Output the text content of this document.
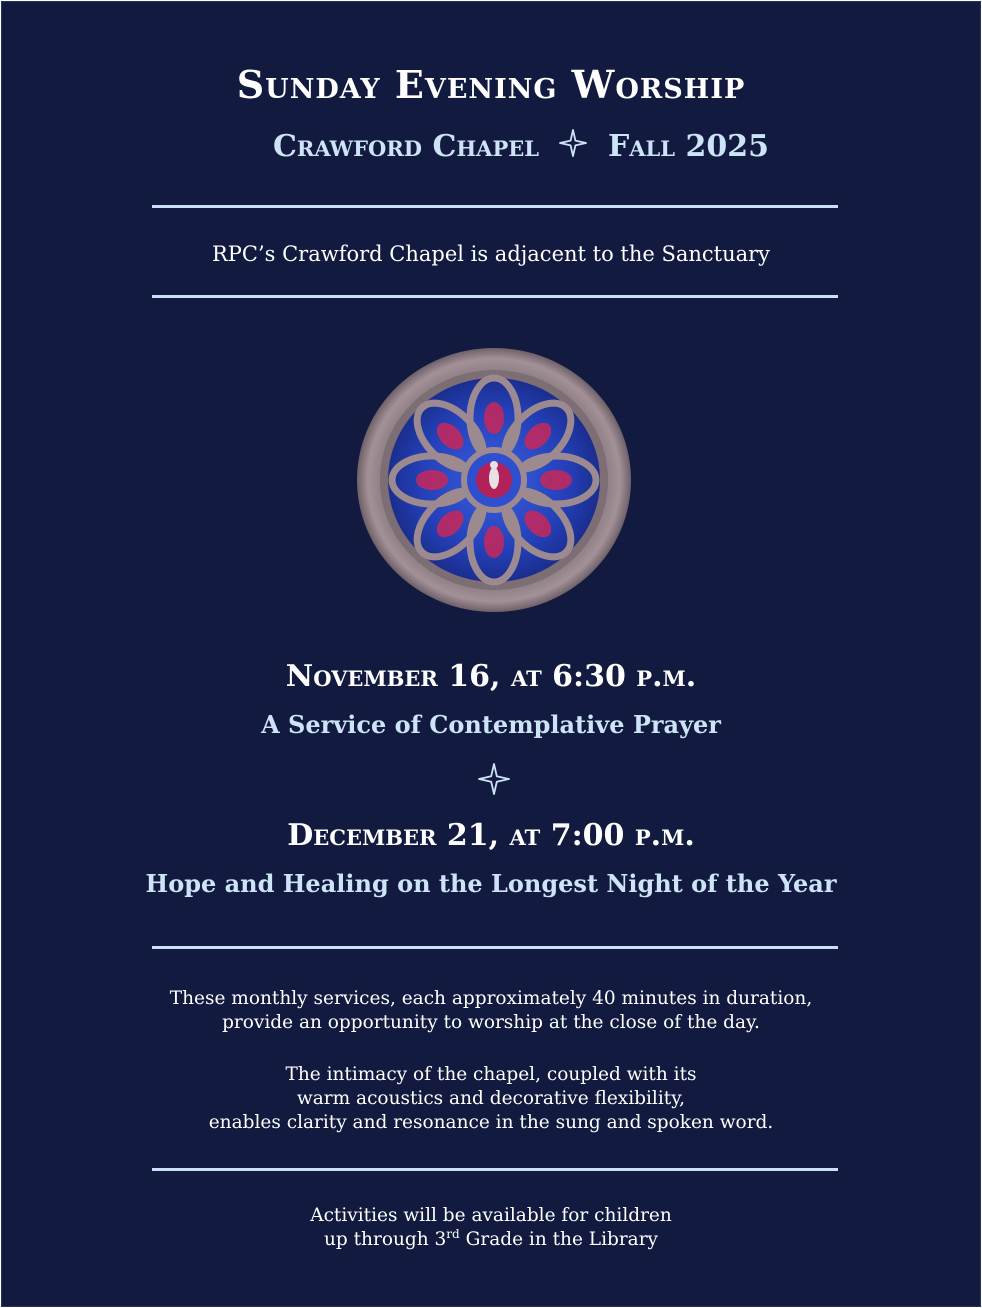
Sunday Evening Worship
Crawford Chapel Fall 2025
RPC’s Crawford Chapel is adjacent to the Sanctuary
November 16, at 6:30 p.m.
A Service of Contemplative Prayer
December 21, at 7:00 p.m.
Hope and Healing on the Longest Night of the Year
These monthly services, each approximately 40 minutes in duration,
provide an opportunity to worship at the close of the day.
The intimacy of the chapel, coupled with its
warm acoustics and decorative flexibility,
enables clarity and resonance in the sung and spoken word.
Activities will be available for children
up through 3rd Grade in the Library
